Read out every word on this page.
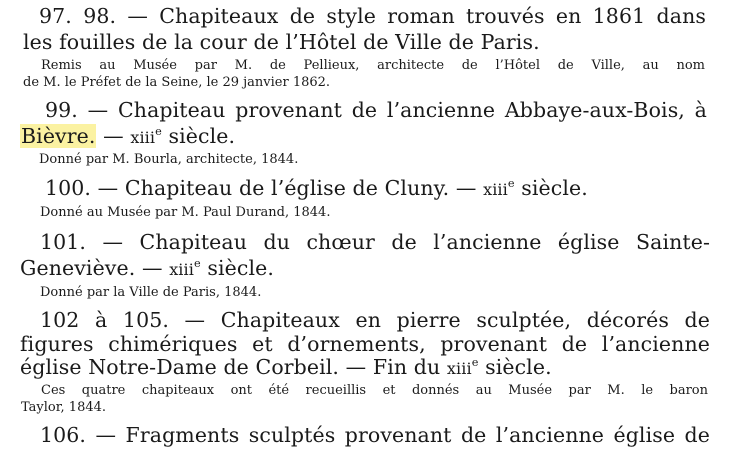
97. 98. — Chapiteaux de style roman trouvés en 1861 dans
les fouilles de la cour de l’Hôtel de Ville de Paris.
Remis au Musée par M. de Pellieux, architecte de l’Hôtel de Ville, au nom
de M. le Préfet de la Seine, le 29 janvier 1862.
99. — Chapiteau provenant de l’ancienne Abbaye-aux-Bois, à
Bièvre. — xiii$^e$ siècle.
Donné par M. Bourla, architecte, 1844.
100. — Chapiteau de l’église de Cluny. — xiii$^e$ siècle.
Donné au Musée par M. Paul Durand, 1844.
101. — Chapiteau du chœur de l’ancienne église Sainte-
Geneviève. — xiii$^e$ siècle.
Donné par la Ville de Paris, 1844.
102 à 105. — Chapiteaux en pierre sculptée, décorés de
figures chimériques et d’ornements, provenant de l’ancienne
église Notre-Dame de Corbeil. — Fin du xiii$^e$ siècle.
Ces quatre chapiteaux ont été recueillis et donnés au Musée par M. le baron
Taylor, 1844.
106. — Fragments sculptés provenant de l’ancienne église de
